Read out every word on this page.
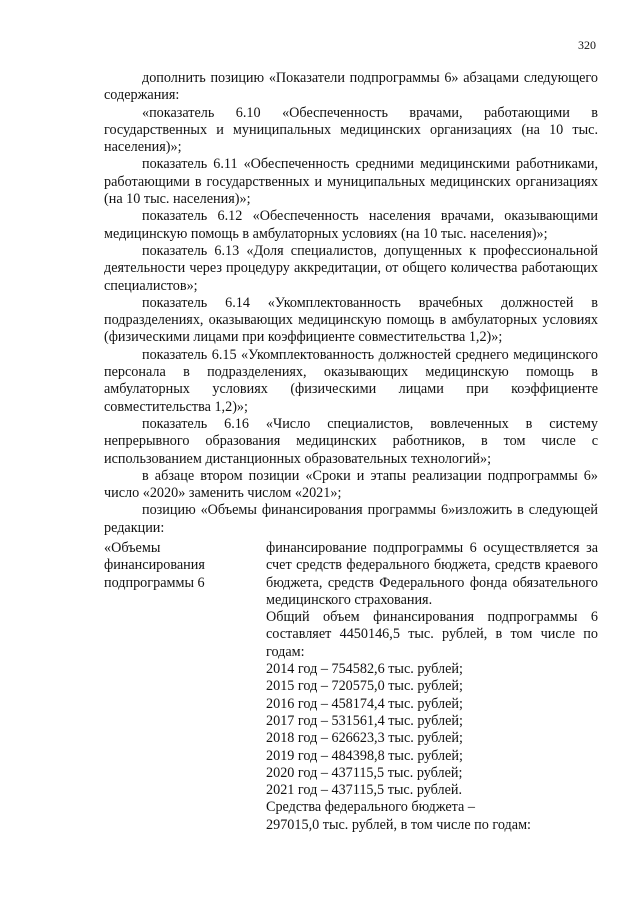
320

дополнить позицию «Показатели подпрограммы 6» абзацами следующего содержания:

«показатель 6.10 «Обеспеченность врачами, работающими в государственных и муниципальных медицинских организациях (на 10 тыс. населения)»;

показатель 6.11 «Обеспеченность средними медицинскими работниками, работающими в государственных и муниципальных медицинских организациях (на 10 тыс. населения)»;

показатель 6.12 «Обеспеченность населения врачами, оказывающими медицинскую помощь в амбулаторных условиях (на 10 тыс. населения)»;

показатель 6.13 «Доля специалистов, допущенных к профессиональной деятельности через процедуру аккредитации, от общего количества работающих специалистов»;

показатель 6.14 «Укомплектованность врачебных должностей в подразделениях, оказывающих медицинскую помощь в амбулаторных условиях (физическими лицами при коэффициенте совместительства 1,2)»;

показатель 6.15 «Укомплектованность должностей среднего медицинского персонала в подразделениях, оказывающих медицинскую помощь в амбулаторных условиях (физическими лицами при коэффициенте совместительства 1,2)»;

показатель 6.16 «Число специалистов, вовлеченных в систему непрерывного образования медицинских работников, в том числе с использованием дистанционных образовательных технологий»;

в абзаце втором позиции «Сроки и этапы реализации подпрограммы 6» число «2020» заменить числом «2021»;

позицию «Объемы финансирования программы 6»изложить в следующей редакции:

«Объемы финансирования подпрограммы 6

финансирование подпрограммы 6 осуществляется за счет средств федерального бюджета, средств краевого бюджета, средств Федерального фонда обязательного медицинского страхования.

Общий объем финансирования подпрограммы 6 составляет 4450146,5 тыс. рублей, в том числе по годам:

2014 год – 754582,6 тыс. рублей;
2015 год – 720575,0 тыс. рублей;
2016 год – 458174,4 тыс. рублей;
2017 год – 531561,4 тыс. рублей;
2018 год – 626623,3 тыс. рублей;
2019 год – 484398,8 тыс. рублей;
2020 год – 437115,5 тыс. рублей;
2021 год – 437115,5 тыс. рублей.
Средства федерального бюджета –
297015,0 тыс. рублей, в том числе по годам:
